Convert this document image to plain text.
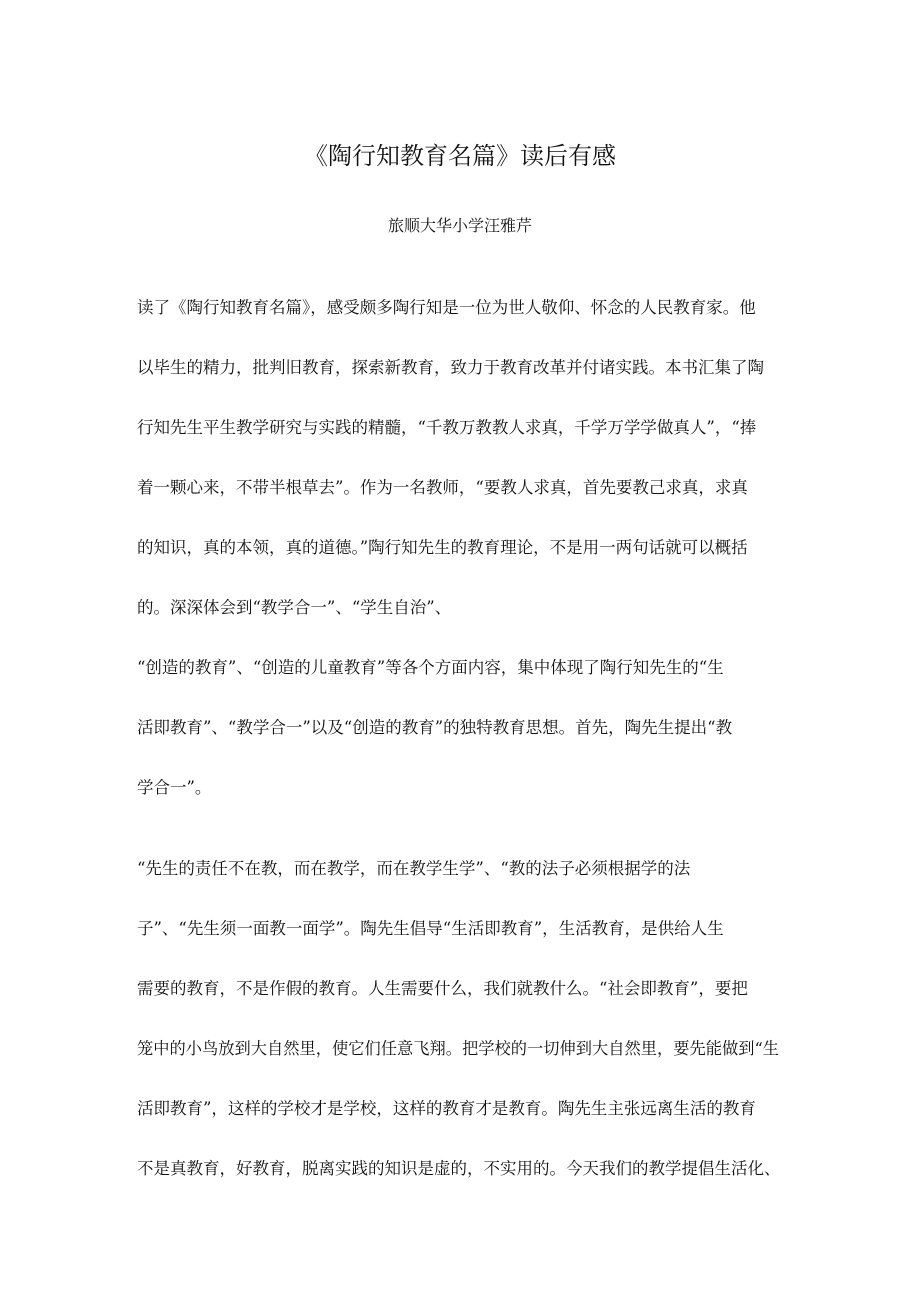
《陶行知教育名篇》读后有感

旅顺大华小学汪雅芹

读了《陶行知教育名篇》，感受颇多陶行知是一位为世人敬仰、怀念的人民教育家。他

以毕生的精力，批判旧教育，探索新教育，致力于教育改革并付诸实践。本书汇集了陶

行知先生平生教学研究与实践的精髓，“千教万教教人求真，千学万学学做真人”，“捧

着一颗心来，不带半根草去”。作为一名教师，“要教人求真，首先要教己求真，求真

的知识，真的本领，真的道德。”陶行知先生的教育理论，不是用一两句话就可以概括

的。深深体会到“教学合一”、“学生自治”、

“创造的教育”、“创造的儿童教育”等各个方面内容，集中体现了陶行知先生的“生

活即教育”、“教学合一”以及“创造的教育”的独特教育思想。首先，陶先生提出“教

学合一”。

“先生的责任不在教，而在教学，而在教学生学”、“教的法子必须根据学的法

子”、“先生须一面教一面学”。陶先生倡导“生活即教育”，生活教育，是供给人生

需要的教育，不是作假的教育。人生需要什么，我们就教什么。“社会即教育”，要把

笼中的小鸟放到大自然里，使它们任意飞翔。把学校的一切伸到大自然里，要先能做到“生

活即教育”，这样的学校才是学校，这样的教育才是教育。陶先生主张远离生活的教育

不是真教育，好教育，脱离实践的知识是虚的，不实用的。今天我们的教学提倡生活化、
